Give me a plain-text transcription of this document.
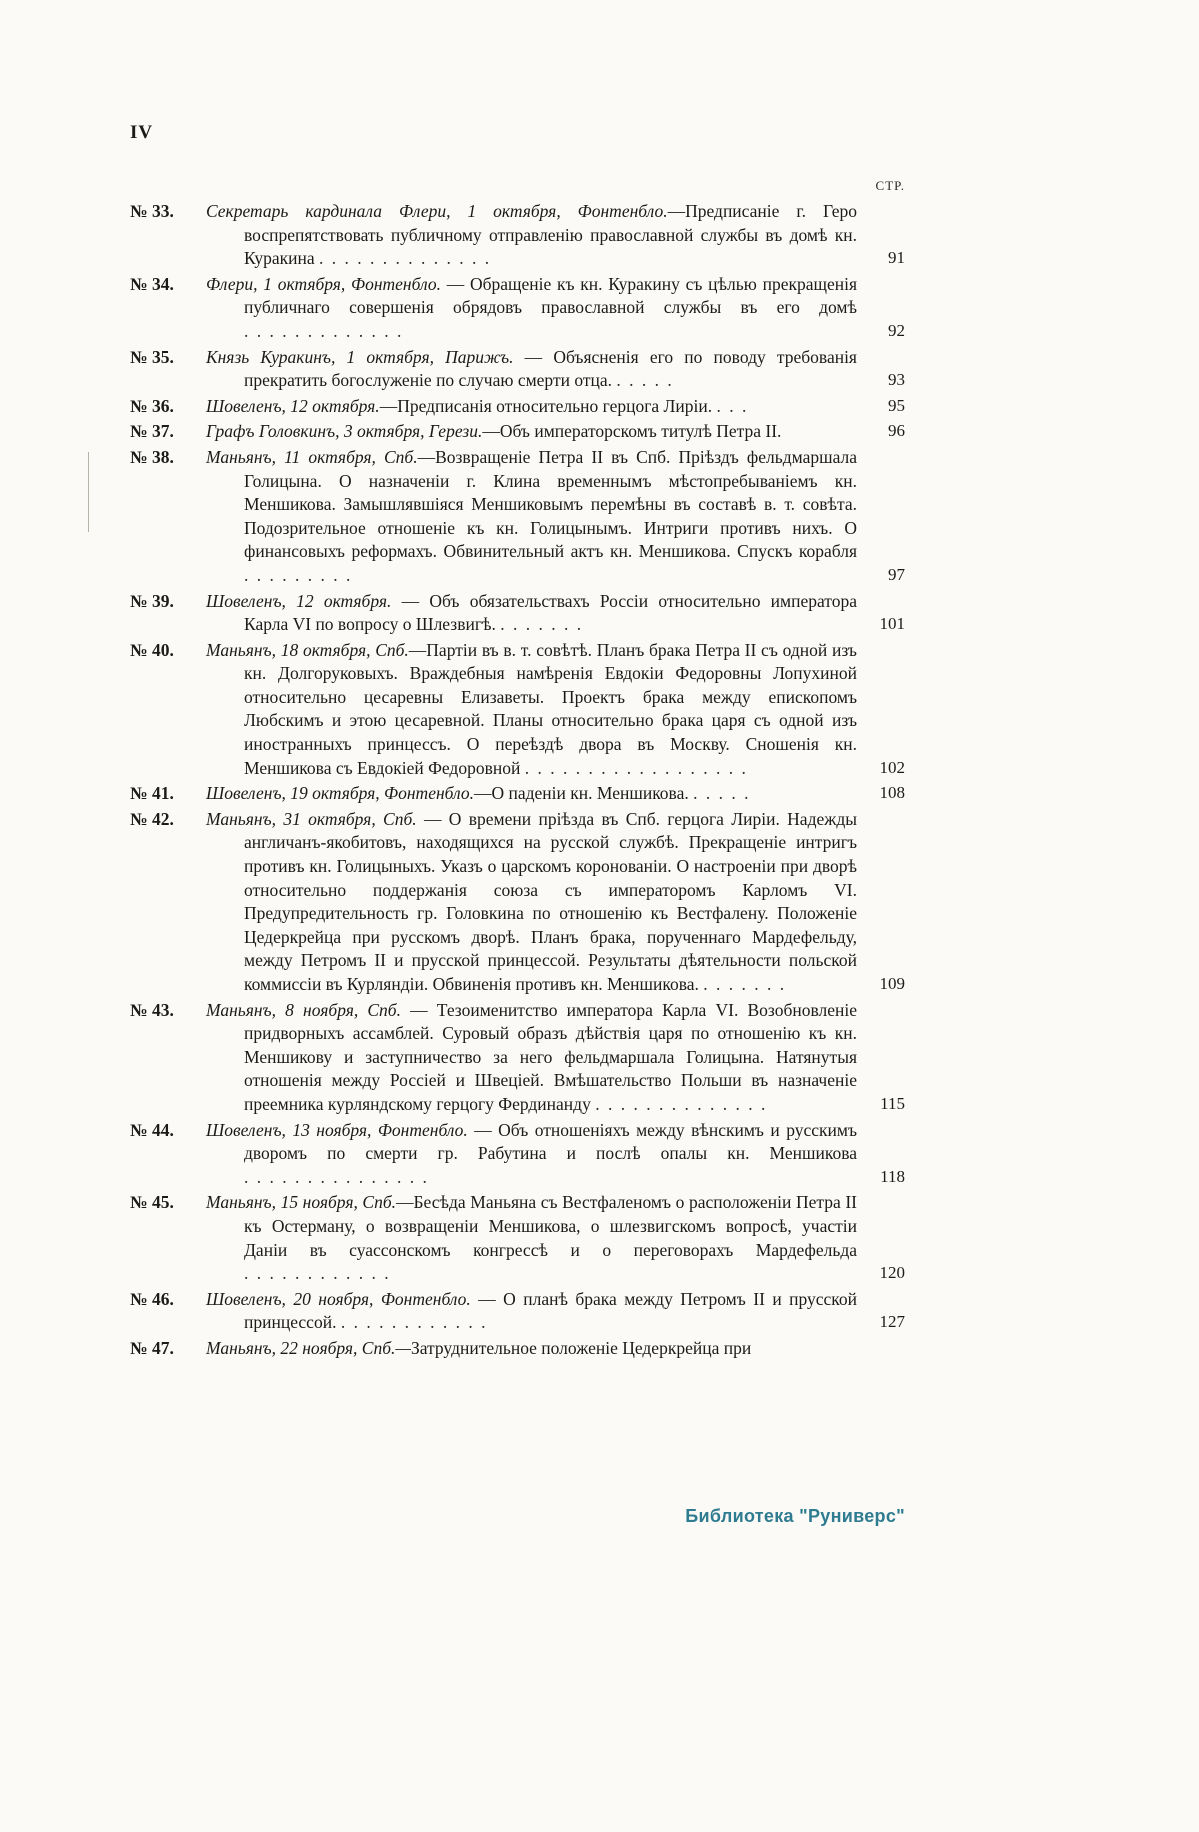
IV
СТР.
№ 33.	Секретарь кардинала Флери, 1 октября, Фонтенбло.—Предписаніе г. Геро воспрепятствовать публичному отправленію православной службы въ домѣ кн. Куракина . . . . . . . . . . . . . .	91
№ 34.	Флери, 1 октября, Фонтенбло. — Обращеніе къ кн. Куракину съ цѣлью прекращенія публичнаго совершенія обрядовъ православной службы въ его домѣ . . . . . . . . . . . . .	92
№ 35.	Князь Куракинъ, 1 октября, Парижъ. — Объясненія его по поводу требованія прекратить богослуженіе по случаю смерти отца. . . . . .	93
№ 36.	Шовеленъ, 12 октября.—Предписанія относительно герцога Лиріи. . . .	95
№ 37.	Графъ Головкинъ, 3 октября, Герези.—Объ императорскомъ титулѣ Петра II.	96
№ 38.	Маньянъ, 11 октября, Спб.—Возвращеніе Петра II въ Спб. Пріѣздъ фельдмаршала Голицына. О назначеніи г. Клина временнымъ мѣстопребываніемъ кн. Меншикова. Замышлявшіяся Меншиковымъ перемѣны въ составѣ в. т. совѣта. Подозрительное отношеніе къ кн. Голицынымъ. Интриги противъ нихъ. О финансовыхъ реформахъ. Обвинительный актъ кн. Меншикова. Спускъ корабля . . . . . . . . .	97
№ 39.	Шовеленъ, 12 октября. — Объ обязательствахъ Россіи относительно императора Карла VI по вопросу о Шлезвигѣ. . . . . . . .	101
№ 40.	Маньянъ, 18 октября, Спб.—Партіи въ в. т. совѣтѣ. Планъ брака Петра II съ одной изъ кн. Долгоруковыхъ. Враждебныя намѣренія Евдокіи Федоровны Лопухиной относительно цесаревны Елизаветы. Проектъ брака между епископомъ Любскимъ и этою цесаревной. Планы относительно брака царя съ одной изъ иностранныхъ принцессъ. О переѣздѣ двора въ Москву. Сношенія кн. Меншикова съ Евдокіей Федоровной . . . . . . . . . . . . . . . . . .	102
№ 41.	Шовеленъ, 19 октября, Фонтенбло.—О паденіи кн. Меншикова. . . . . .	108
№ 42.	Маньянъ, 31 октября, Спб. — О времени пріѣзда въ Спб. герцога Лиріи. Надежды англичанъ-якобитовъ, находящихся на русской службѣ. Прекращеніе интригъ противъ кн. Голицыныхъ. Указъ о царскомъ коронованіи. О настроеніи при дворѣ относительно поддержанія союза съ императоромъ Карломъ VI. Предупредительность гр. Головкина по отношенію къ Вестфалену. Положеніе Цедеркрейца при русскомъ дворѣ. Планъ брака, порученнаго Мардефельду, между Петромъ II и прусской принцессой. Результаты дѣятельности польской коммиссіи въ Курляндіи. Обвиненія противъ кн. Меншикова. . . . . . . .	109
№ 43.	Маньянъ, 8 ноября, Спб. — Тезоименитство императора Карла VI. Возобновленіе придворныхъ ассамблей. Суровый образъ дѣйствія царя по отношенію къ кн. Меншикову и заступничество за него фельдмаршала Голицына. Натянутыя отношенія между Россіей и Швеціей. Вмѣшательство Польши въ назначеніе преемника курляндскому герцогу Фердинанду . . . . . . . . . . . . . .	115
№ 44.	Шовеленъ, 13 ноября, Фонтенбло. — Объ отношеніяхъ между вѣнскимъ и русскимъ дворомъ по смерти гр. Рабутина и послѣ опалы кн. Меншикова . . . . . . . . . . . . . . .	118
№ 45.	Маньянъ, 15 ноября, Спб.—Бесѣда Маньяна съ Вестфаленомъ о расположеніи Петра II къ Остерману, о возвращеніи Меншикова, о шлезвигскомъ вопросѣ, участіи Даніи въ суассонскомъ конгрессѣ и о переговорахъ Мардефельда . . . . . . . . . . . .	120
№ 46.	Шовеленъ, 20 ноября, Фонтенбло. — О планѣ брака между Петромъ II и прусской принцессой. . . . . . . . . . . . .	127
№ 47.	Маньянъ, 22 ноября, Спб.—Затруднительное положеніе Цедеркрейца при
Библиотека "Руниверс"
